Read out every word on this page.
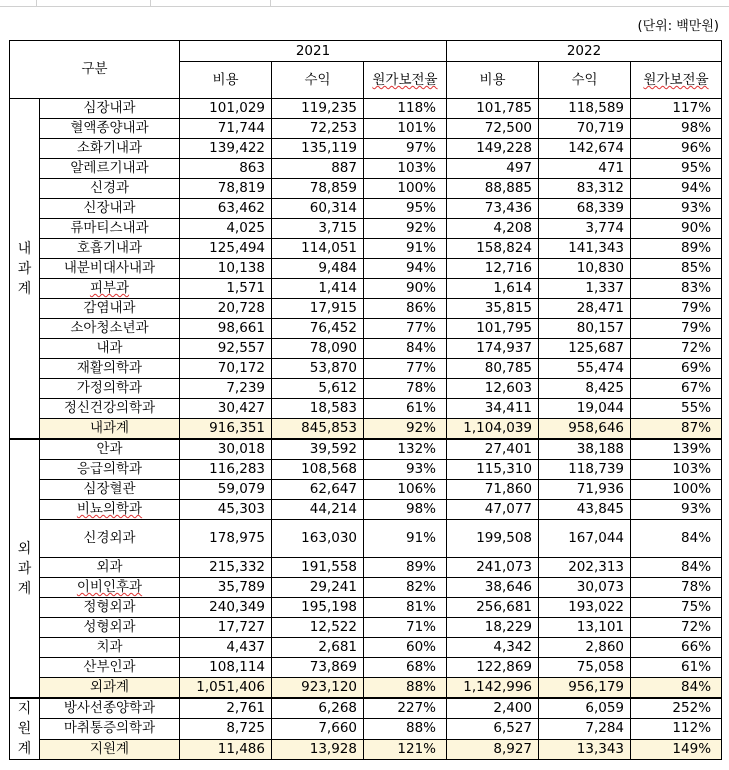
(단위: 백만원)
구분		2021			2022		
		비용	수익	원가보전율	비용	수익	원가보전율

내
과
계	심장내과	101,029	119,235	118%	101,785	118,589	117%
	혈액종양내과	71,744	72,253	101%	72,500	70,719	98%
	소화기내과	139,422	135,119	97%	149,228	142,674	96%
	알레르기내과	863	887	103%	497	471	95%
	신경과	78,819	78,859	100%	88,885	83,312	94%
	신장내과	63,462	60,314	95%	73,436	68,339	93%
	류마티스내과	4,025	3,715	92%	4,208	3,774	90%
	호흡기내과	125,494	114,051	91%	158,824	141,343	89%
	내분비대사내과	10,138	9,484	94%	12,716	10,830	85%
	피부과	1,571	1,414	90%	1,614	1,337	83%
	감염내과	20,728	17,915	86%	35,815	28,471	79%
	소아청소년과	98,661	76,452	77%	101,795	80,157	79%
	내과	92,557	78,090	84%	174,937	125,687	72%
	재활의학과	70,172	53,870	77%	80,785	55,474	69%
	가정의학과	7,239	5,612	78%	12,603	8,425	67%
	정신건강의학과	30,427	18,583	61%	34,411	19,044	55%
	내과계	916,351	845,853	92%	1,104,039	958,646	87%

외
과
계	안과	30,018	39,592	132%	27,401	38,188	139%
	응급의학과	116,283	108,568	93%	115,310	118,739	103%
	심장혈관	59,079	62,647	106%	71,860	71,936	100%
	비뇨의학과	45,303	44,214	98%	47,077	43,845	93%
	신경외과	178,975	163,030	91%	199,508	167,044	84%
	외과	215,332	191,558	89%	241,073	202,313	84%
	이비인후과	35,789	29,241	82%	38,646	30,073	78%
	정형외과	240,349	195,198	81%	256,681	193,022	75%
	성형외과	17,727	12,522	71%	18,229	13,101	72%
	치과	4,437	2,681	60%	4,342	2,860	66%
	산부인과	108,114	73,869	68%	122,869	75,058	61%
	외과계	1,051,406	923,120	88%	1,142,996	956,179	84%

지
원
계	방사선종양학과	2,761	6,268	227%	2,400	6,059	252%
	마취통증의학과	8,725	7,660	88%	6,527	7,284	112%
	지원계	11,486	13,928	121%	8,927	13,343	149%
